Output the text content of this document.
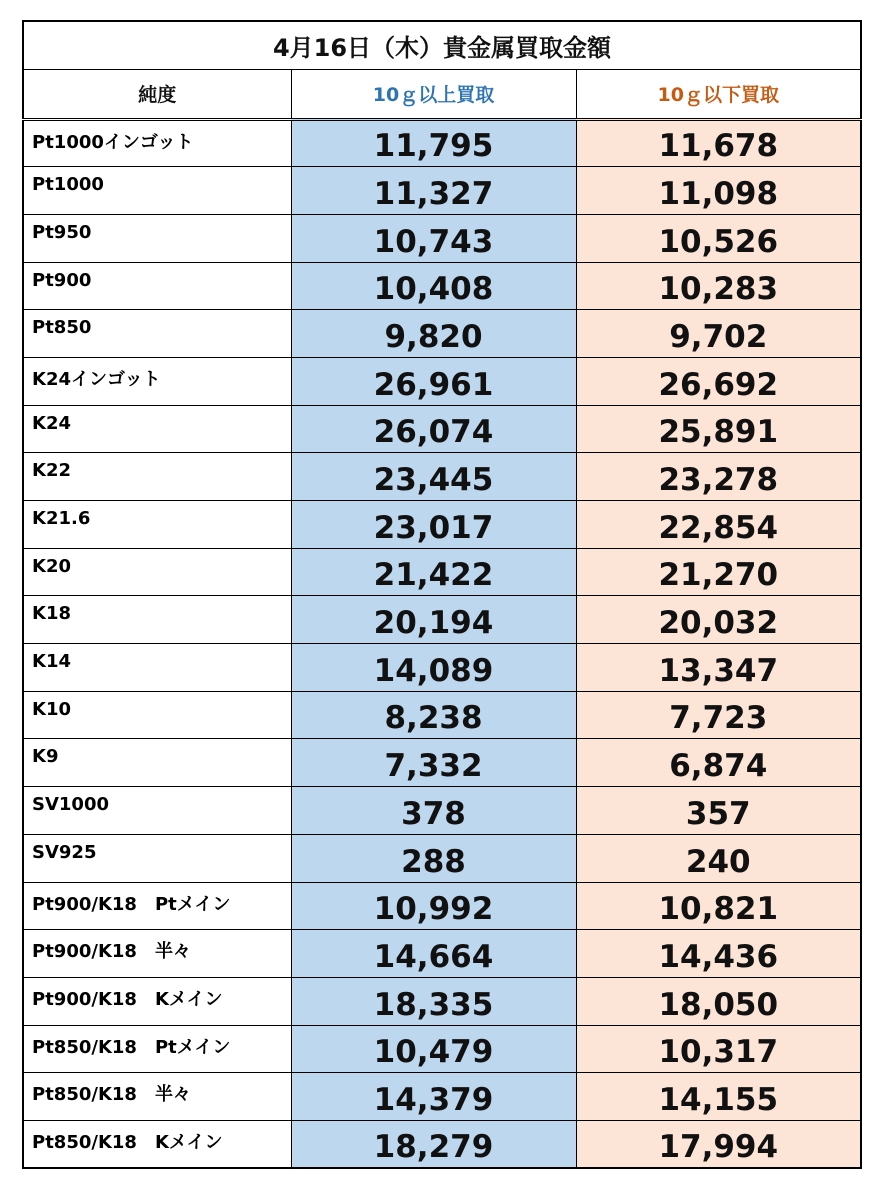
4月16日（木）貴金属買取金額		
純度	10ｇ以上買取	10ｇ以下買取
Pt1000インゴット	11,795	11,678
Pt1000	11,327	11,098
Pt950	10,743	10,526
Pt900	10,408	10,283
Pt850	9,820	9,702
K24インゴット	26,961	26,692
K24	26,074	25,891
K22	23,445	23,278
K21.6	23,017	22,854
K20	21,422	21,270
K18	20,194	20,032
K14	14,089	13,347
K10	8,238	7,723
K9	7,332	6,874
SV1000	378	357
SV925	288	240
Pt900/K18　Ptメイン	10,992	10,821
Pt900/K18　半々	14,664	14,436
Pt900/K18　Kメイン	18,335	18,050
Pt850/K18　Ptメイン	10,479	10,317
Pt850/K18　半々	14,379	14,155
Pt850/K18　Kメイン	18,279	17,994
